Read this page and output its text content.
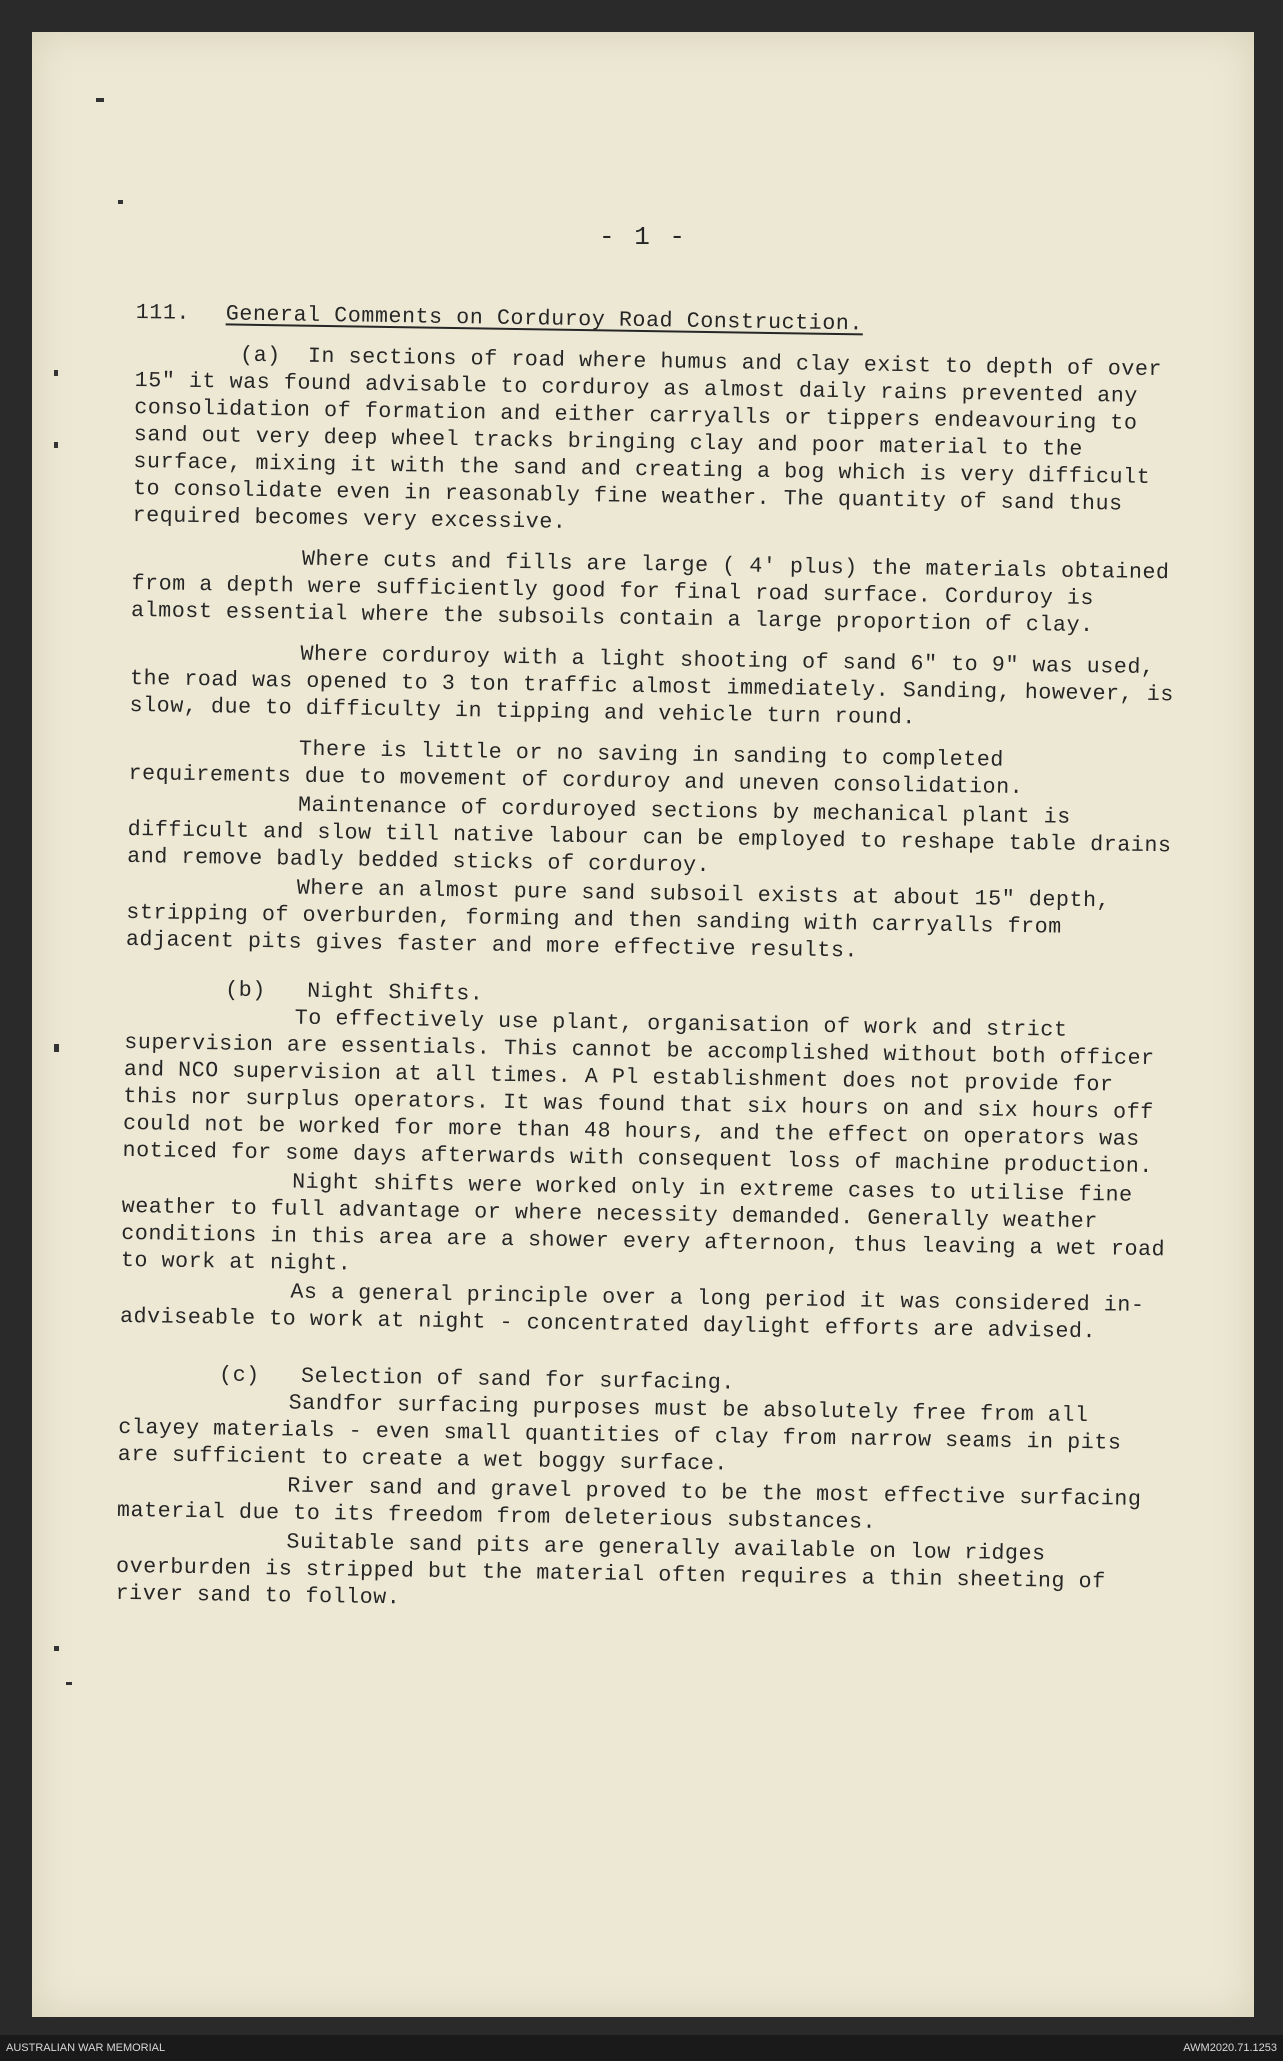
- 1 -
111. General Comments on Corduroy Road Construction.

(a) In sections of road where humus and clay exist to depth of over 15" it was found advisable to corduroy as almost daily rains prevented any consolidation of formation and either carryalls or tippers endeavouring to sand out very deep wheel tracks bringing clay and poor material to the surface, mixing it with the sand and creating a bog which is very difficult to consolidate even in reasonably fine weather. The quantity of sand thus required becomes very excessive.

Where cuts and fills are large ( 4' plus) the materials obtained from a depth were sufficiently good for final road surface. Corduroy is almost essential where the subsoils contain a large proportion of clay.

Where corduroy with a light shooting of sand 6" to 9" was used, the road was opened to 3 ton traffic almost immediately. Sanding, however, is slow, due to difficulty in tipping and vehicle turn round.

There is little or no saving in sanding to completed requirements due to movement of corduroy and uneven consolidation.

Maintenance of corduroyed sections by mechanical plant is difficult and slow till native labour can be employed to reshape table drains and remove badly bedded sticks of corduroy.

Where an almost pure sand subsoil exists at about 15" depth, stripping of overburden, forming and then sanding with carryalls from adjacent pits gives faster and more effective results.

(b) Night Shifts.

To effectively use plant, organisation of work and strict supervision are essentials. This cannot be accomplished without both officer and NCO supervision at all times. A Pl establishment does not provide for this nor surplus operators. It was found that six hours on and six hours off could not be worked for more than 48 hours, and the effect on operators was noticed for some days afterwards with consequent loss of machine production.

Night shifts were worked only in extreme cases to utilise fine weather to full advantage or where necessity demanded. Generally weather conditions in this area are a shower every afternoon, thus leaving a wet road to work at night.

As a general principle over a long period it was considered in-adviseable to work at night - concentrated daylight efforts are advised.

(c) Selection of sand for surfacing.

Sandfor surfacing purposes must be absolutely free from all clayey materials - even small quantities of clay from narrow seams in pits are sufficient to create a wet boggy surface.

River sand and gravel proved to be the most effective surfacing material due to its freedom from deleterious substances.

Suitable sand pits are generally available on low ridges overburden is stripped but the material often requires a thin sheeting of river sand to follow.

AUSTRALIAN WAR MEMORIAL	AWM2020.71.1253
